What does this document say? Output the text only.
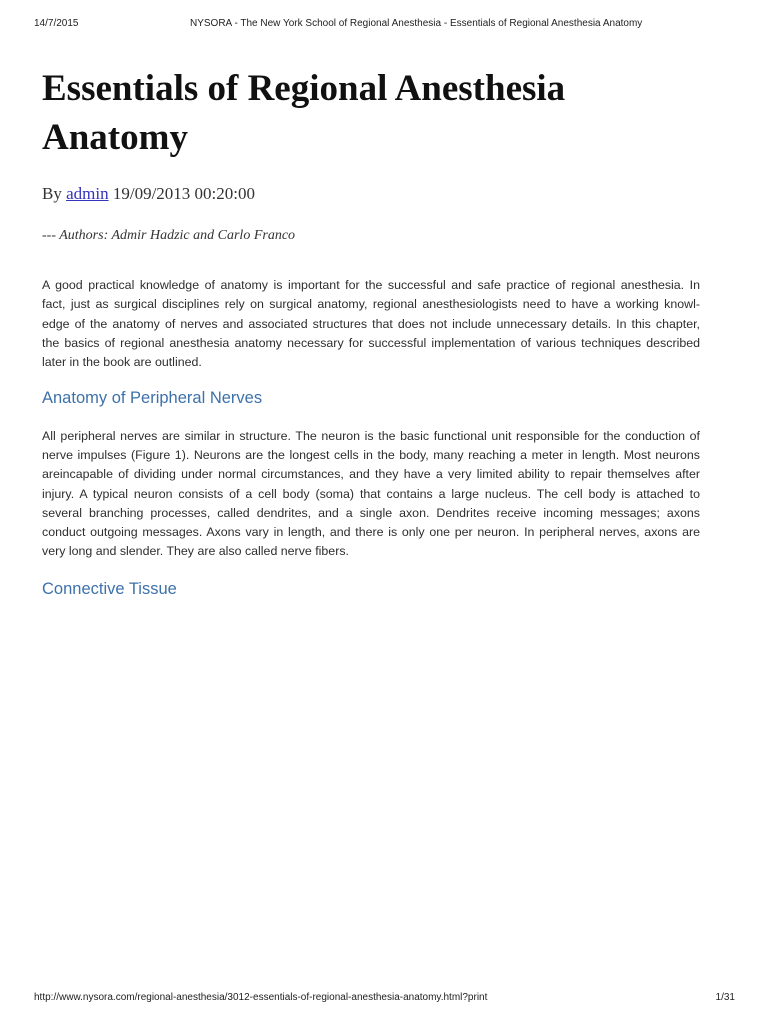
14/7/2015	NYSORA - The New York School of Regional Anesthesia - Essentials of Regional Anesthesia Anatomy
Essentials of Regional Anesthesia Anatomy
By admin 19/09/2013 00:20:00
--- Authors: Admir Hadzic and Carlo Franco
A good practical knowledge of anatomy is important for the successful and safe practice of regional anesthesia. In
fact, just as surgical disciplines rely on surgical anatomy, regional anesthesiologists need to have a working knowl-
edge of the anatomy of nerves and associated structures that does not include unnecessary details. In this chapter,
the basics of regional anesthesia anatomy necessary for successful implementation of various techniques described
later in the book are outlined.
Anatomy of Peripheral Nerves
All peripheral nerves are similar in structure. The neuron is the basic functional unit responsible for the conduction of
nerve impulses (Figure 1). Neurons are the longest cells in the body, many reaching a meter in length. Most neurons
areincapable of dividing under normal circumstances, and they have a very limited ability to repair themselves after
injury. A typical neuron consists of a cell body (soma) that contains a large nucleus. The cell body is attached to
several branching processes, called dendrites, and a single axon. Dendrites receive incoming messages; axons
conduct outgoing messages. Axons vary in length, and there is only one per neuron. In peripheral nerves, axons are
very long and slender. They are also called nerve fibers.
Connective Tissue
http://www.nysora.com/regional-anesthesia/3012-essentials-of-regional-anesthesia-anatomy.html?print	1/31
